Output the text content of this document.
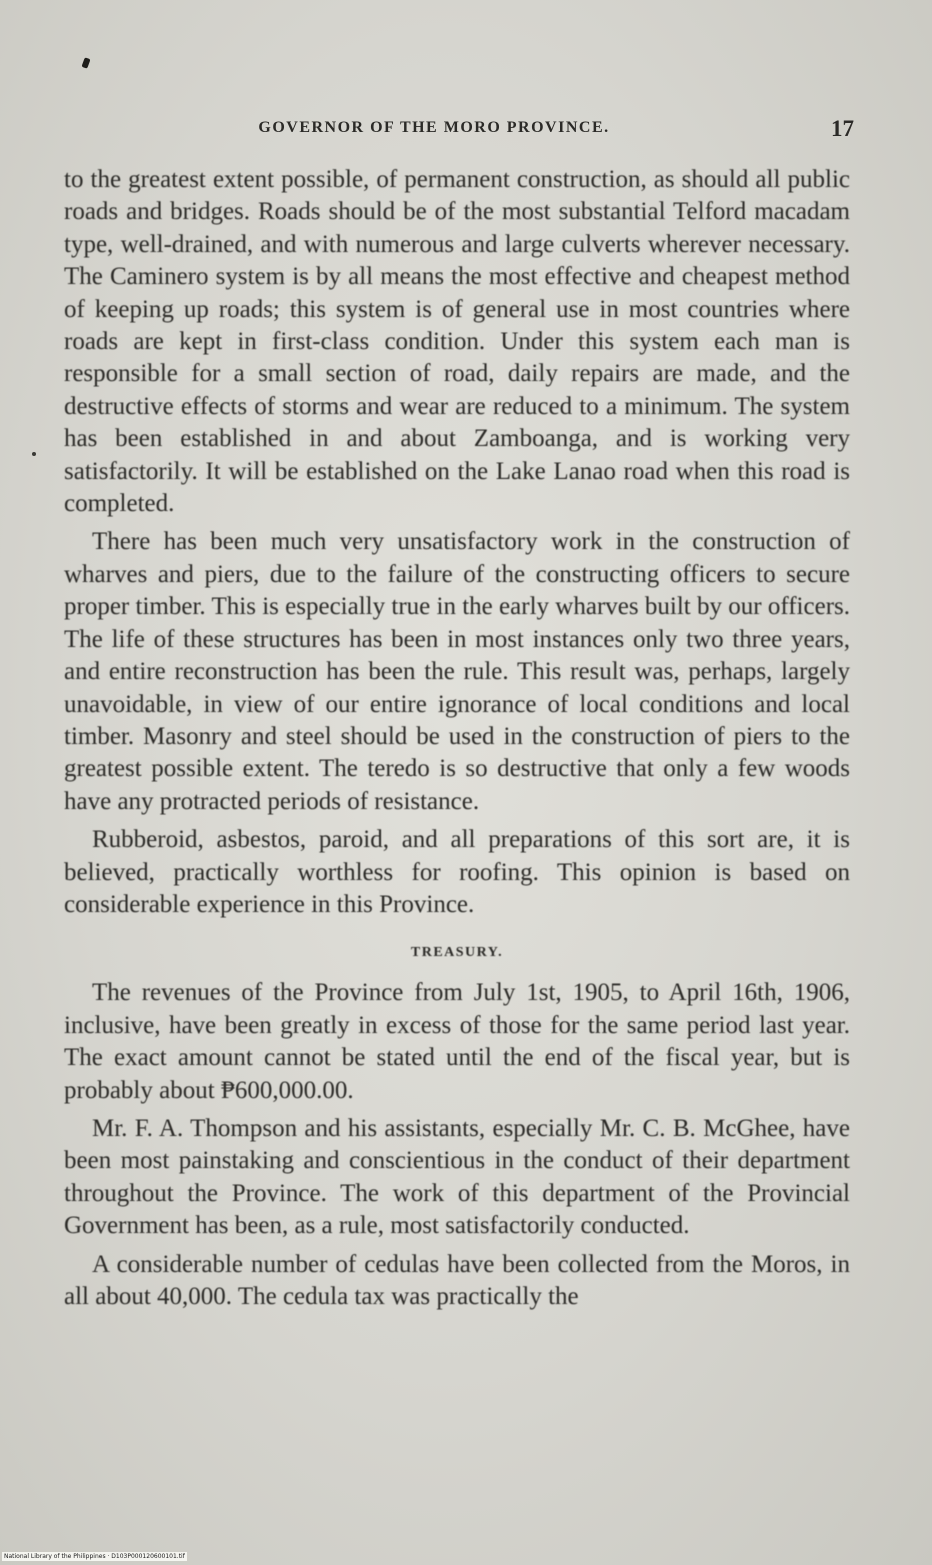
GOVERNOR OF THE MORO PROVINCE.	17

to the greatest extent possible, of permanent construction, as should all public roads and bridges. Roads should be of the most substantial Telford macadam type, well-drained, and with numerous and large culverts wherever necessary. The Caminero system is by all means the most effective and cheapest method of keeping up roads; this system is of general use in most countries where roads are kept in first-class condition. Under this system each man is responsible for a small section of road, daily repairs are made, and the destructive effects of storms and wear are reduced to a minimum. The system has been established in and about Zamboanga, and is working very satisfactorily. It will be established on the Lake Lanao road when this road is completed.

There has been much very unsatisfactory work in the construction of wharves and piers, due to the failure of the constructing officers to secure proper timber. This is especially true in the early wharves built by our officers. The life of these structures has been in most instances only two three years, and entire reconstruction has been the rule. This result was, perhaps, largely unavoidable, in view of our entire ignorance of local conditions and local timber. Masonry and steel should be used in the construction of piers to the greatest possible extent. The teredo is so destructive that only a few woods have any protracted periods of resistance.

Rubberoid, asbestos, paroid, and all preparations of this sort are, it is believed, practically worthless for roofing. This opinion is based on considerable experience in this Province.

TREASURY.

The revenues of the Province from July 1st, 1905, to April 16th, 1906, inclusive, have been greatly in excess of those for the same period last year. The exact amount cannot be stated until the end of the fiscal year, but is probably about ₱600,000.00.

Mr. F. A. Thompson and his assistants, especially Mr. C. B. McGhee, have been most painstaking and conscientious in the conduct of their department throughout the Province. The work of this department of the Provincial Government has been, as a rule, most satisfactorily conducted.

A considerable number of cedulas have been collected from the Moros, in all about 40,000. The cedula tax was practically the

National Library of the Philippines · D103P000120600101.tif
